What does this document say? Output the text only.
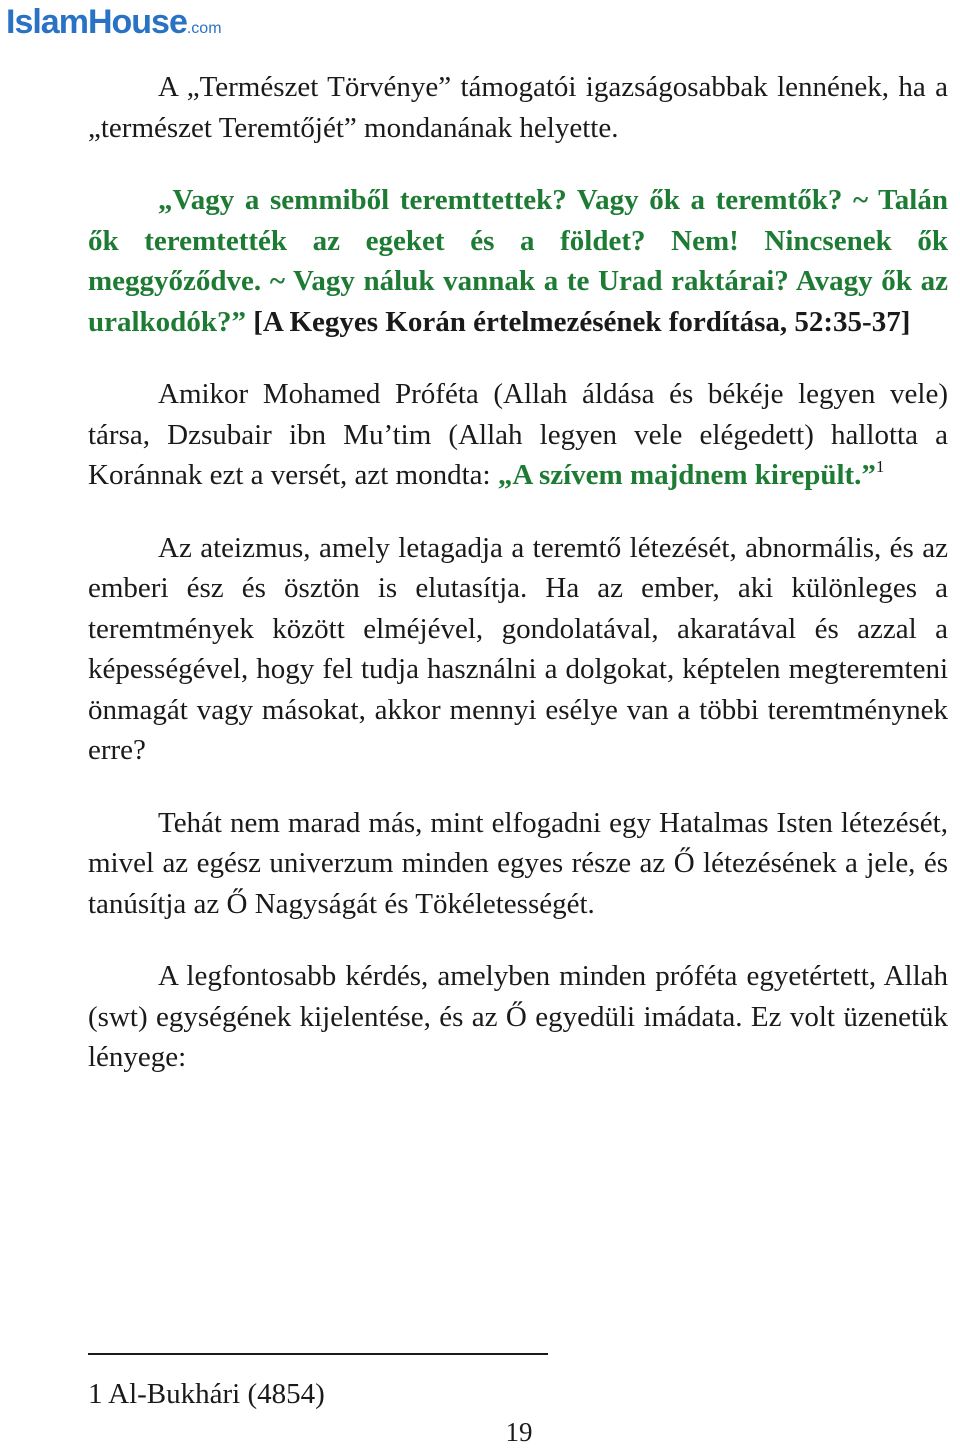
IslamHouse.com

A „Természet Törvénye” támogatói igazságosabbak lennének, ha a „természet Teremtőjét” mondanának helyette.

„Vagy a semmiből teremttettek? Vagy ők a teremtők? ~ Talán ők teremtették az egeket és a földet? Nem! Nincsenek ők meggyőződve. ~ Vagy náluk vannak a te Urad raktárai? Avagy ők az uralkodók?” [A Kegyes Korán értelmezésének fordítása, 52:35-37]

Amikor Mohamed Próféta (Allah áldása és békéje legyen vele) társa, Dzsubair ibn Mu’tim (Allah legyen vele elégedett) hallotta a Koránnak ezt a versét, azt mondta: „A szívem majdnem kirepült.”$^1$

Az ateizmus, amely letagadja a teremtő létezését, abnormális, és az emberi ész és ösztön is elutasítja. Ha az ember, aki különleges a teremtmények között elméjével, gondolatával, akaratával és azzal a képességével, hogy fel tudja használni a dolgokat, képtelen megteremteni önmagát vagy másokat, akkor mennyi esélye van a többi teremtménynek erre?

Tehát nem marad más, mint elfogadni egy Hatalmas Isten létezését, mivel az egész univerzum minden egyes része az Ő létezésének a jele, és tanúsítja az Ő Nagyságát és Tökéletességét.

A legfontosabb kérdés, amelyben minden próféta egyetértett, Allah (swt) egységének kijelentése, és az Ő egyedüli imádata. Ez volt üzenetük lényege:

1 Al-Bukhári (4854)
19
